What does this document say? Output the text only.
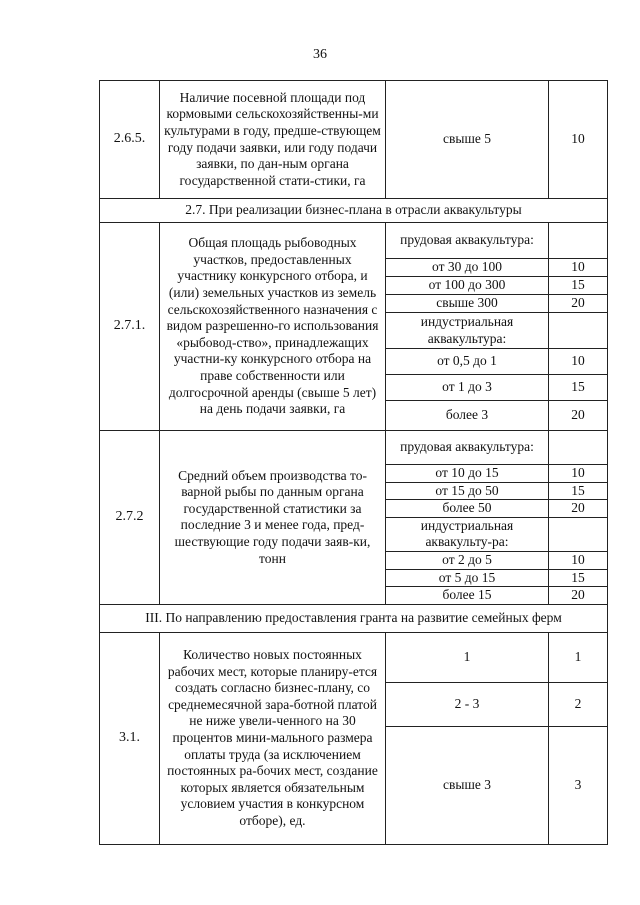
36
2.6.5.	Наличие посевной площади под кормовыми сельскохозяйственны-ми культурами в году, предше-ствующем году подачи заявки, или году подачи заявки, по дан-ным органа государственной стати-стики, га	свыше 5	10
2.7. При реализации бизнес-плана в отрасли аквакультуры			
2.7.1.	Общая площадь рыбоводных участков, предоставленных участнику конкурсного отбора, и (или) земельных участков из земель сельскохозяйственного назначения с видом разрешенно-го использования «рыбовод-ство», принадлежащих участни-ку конкурсного отбора на праве собственности или долгосрочной аренды (свыше 5 лет) на день подачи заявки, га	прудовая аквакультура:	
		от 30 до 100	10
		от 100 до 300	15
		свыше 300	20
		индустриальная аквакультура:	
		от 0,5 до 1	10
		от 1 до 3	15
		более 3	20
2.7.2	Средний объем производства то-варной рыбы по данным органа государственной статистики за последние 3 и менее года, пред-шествующие году подачи заяв-ки, тонн	прудовая аквакультура:	
		от 10 до 15	10
		от 15 до 50	15
		более 50	20
		индустриальная аквакульту-ра:	
		от 2 до 5	10
		от 5 до 15	15
		более 15	20
III. По направлению предоставления гранта на развитие семейных ферм			
3.1.	Количество новых постоянных рабочих мест, которые планиру-ется создать согласно бизнес-плану, со среднемесячной зара-ботной платой не ниже увели-ченного на 30 процентов мини-мального размера оплаты труда (за исключением постоянных ра-бочих мест, создание которых является обязательным условием участия в конкурсном отборе), ед.	1	1
		2 - 3	2
		свыше 3	3
